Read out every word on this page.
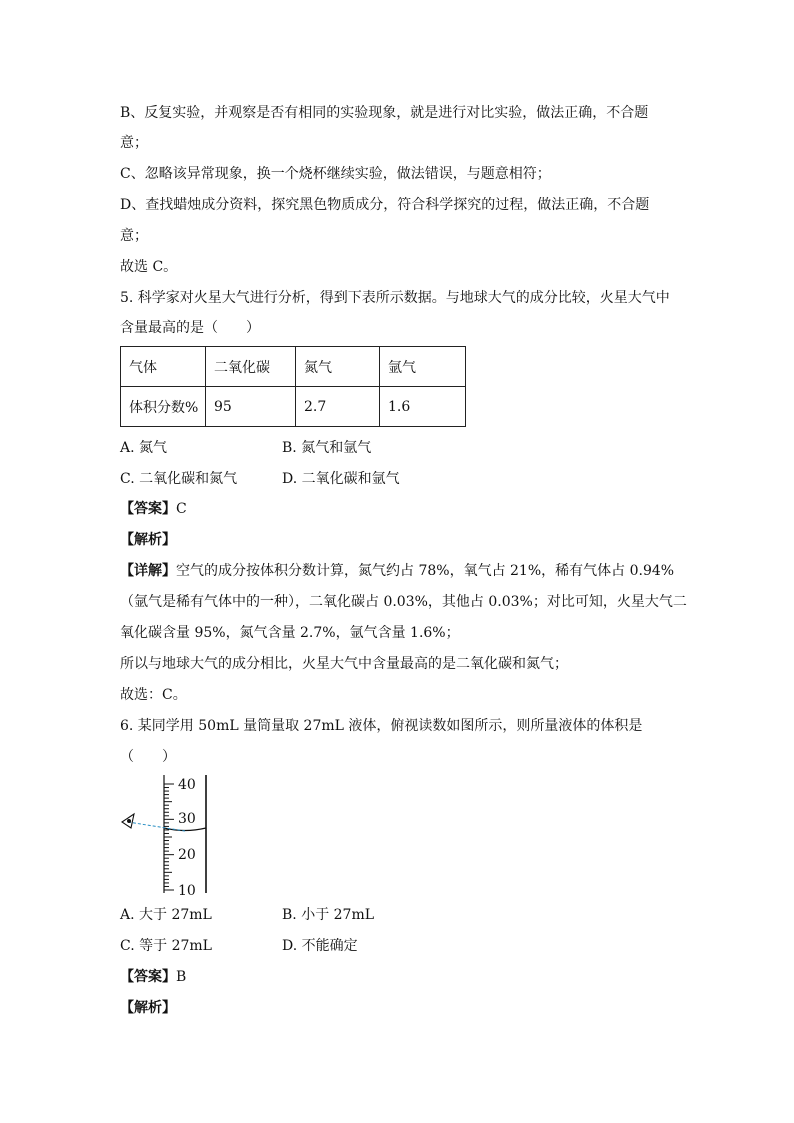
B、反复实验，并观察是否有相同的实验现象，就是进行对比实验，做法正确，不合题
意；
C、忽略该异常现象，换一个烧杯继续实验，做法错误，与题意相符；
D、查找蜡烛成分资料，探究黑色物质成分，符合科学探究的过程，做法正确，不合题
意；
故选 C。
5. 科学家对火星大气进行分析，得到下表所示数据。与地球大气的成分比较，火星大气中
含量最高的是（　　）
气体	二氧化碳	氮气	氩气
体积分数%	95	2.7	1.6
A. 氮气	B. 氮气和氩气
C. 二氧化碳和氮气	D. 二氧化碳和氩气
【答案】C
【解析】
【详解】空气的成分按体积分数计算，氮气约占 78%，氧气占 21%，稀有气体占 0.94%
（氩气是稀有气体中的一种），二氧化碳占 0.03%，其他占 0.03%；对比可知，火星大气二
氧化碳含量 95%，氮气含量 2.7%，氩气含量 1.6%；
所以与地球大气的成分相比，火星大气中含量最高的是二氧化碳和氮气；
故选：C。
6. 某同学用 50mL 量筒量取 27mL 液体，俯视读数如图所示，则所量液体的体积是
（　　）
40
30
20
10
A. 大于 27mL	B. 小于 27mL
C. 等于 27mL	D. 不能确定
【答案】B
【解析】
